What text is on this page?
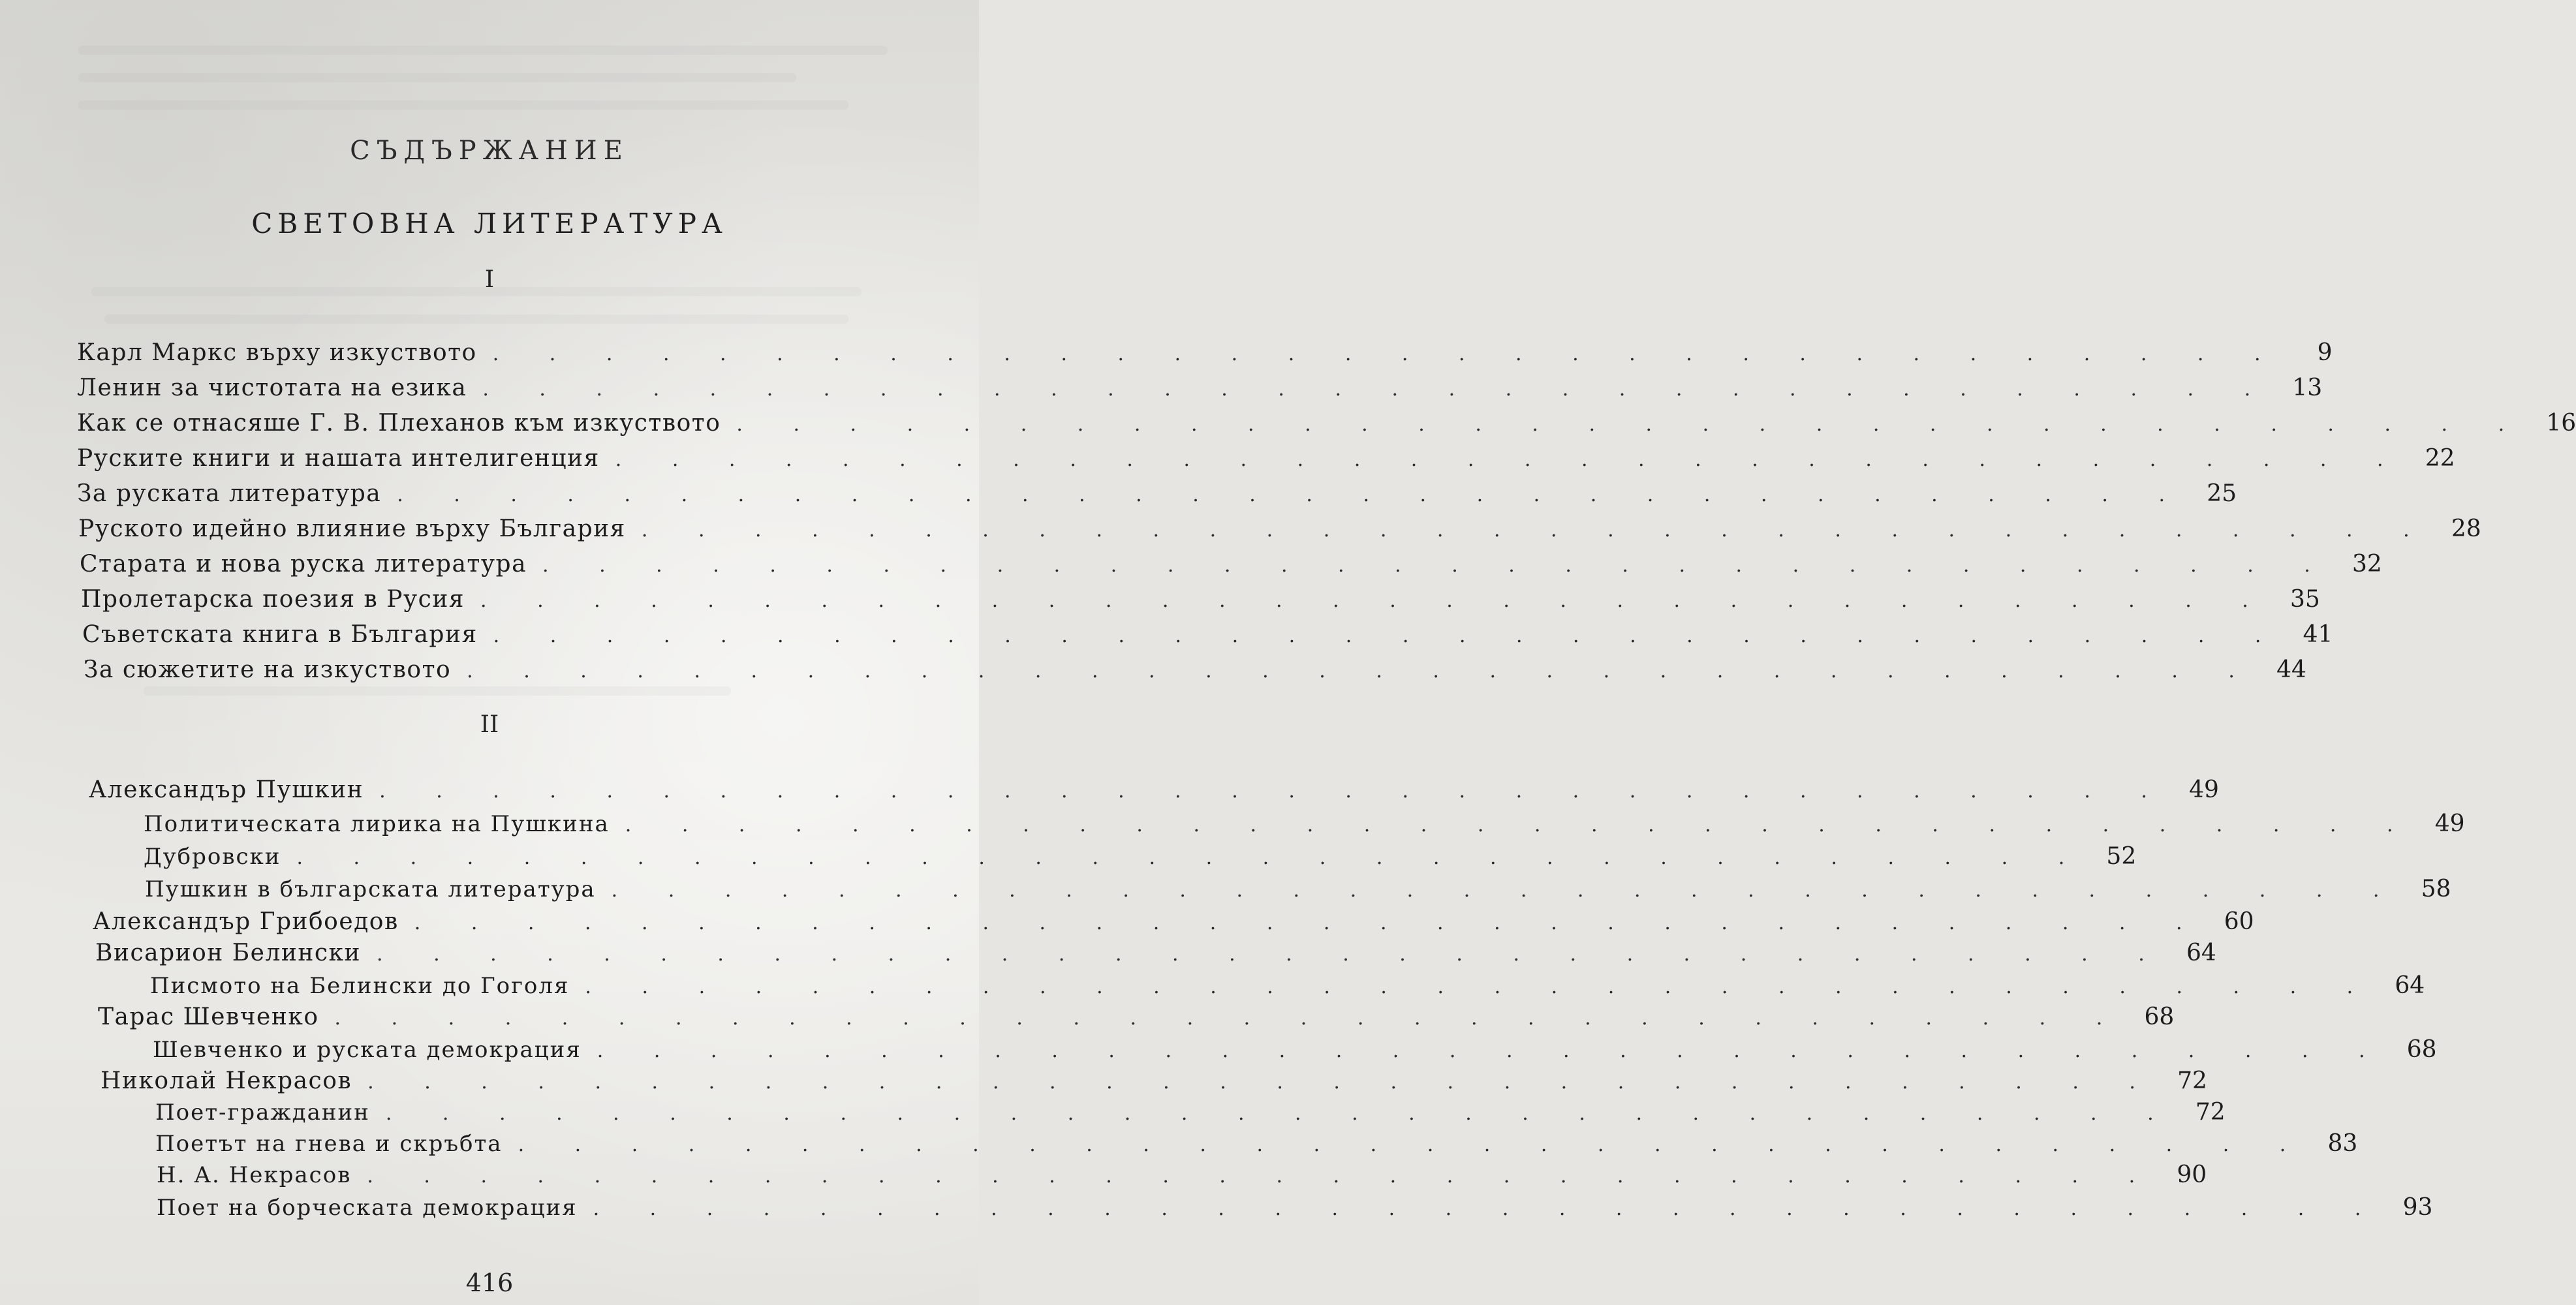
СЪДЪРЖАНИЕ
СВЕТОВНА ЛИТЕРАТУРА
I
Карл Маркс върху изкуството . . . . . . . . . . . . . . . . . . . . . . . . . . . . . . . .	9
Ленин за чистотата на езика . . . . . . . . . . . . . . . . . . . . . . . . . . . . . . . . 13
Как се отнасяше Г. В. Плеханов към изкуството . . . . . . . . . . . . . . . . . . . . . . . . . . . . . . . . 16
Руските книги и нашата интелигенция . . . . . . . . . . . . . . . . . . . . . . . . . . . . . . . . 22
За руската литература . . . . . . . . . . . . . . . . . . . . . . . . . . . . . . . . 25
Руското идейно влияние върху България . . . . . . . . . . . . . . . . . . . . . . . . . . . . . . . . 28
Старата и нова руска литература . . . . . . . . . . . . . . . . . . . . . . . . . . . . . . . . 32
Пролетарска поезия в Русия . . . . . . . . . . . . . . . . . . . . . . . . . . . . . . . . 35
Съветската книга в България . . . . . . . . . . . . . . . . . . . . . . . . . . . . . . . . 41
За сюжетите на изкуството . . . . . . . . . . . . . . . . . . . . . . . . . . . . . . . . 44
II
Александър Пушкин . . . . . . . . . . . . . . . . . . . . . . . . . . . . . . . . 49
Политическата лирика на Пушкина . . . . . . . . . . . . . . . . . . . . . . . . . . . . . . . . 49
Дубровски . . . . . . . . . . . . . . . . . . . . . . . . . . . . . . . . 52
Пушкин в българската литература . . . . . . . . . . . . . . . . . . . . . . . . . . . . . . . . 58
Александър Грибоедов . . . . . . . . . . . . . . . . . . . . . . . . . . . . . . . . 60
Висарион Белински . . . . . . . . . . . . . . . . . . . . . . . . . . . . . . . . 64
Писмото на Белински до Гоголя . . . . . . . . . . . . . . . . . . . . . . . . . . . . . . . . 64
Тарас Шевченко . . . . . . . . . . . . . . . . . . . . . . . . . . . . . . . . 68
Шевченко и руската демокрация . . . . . . . . . . . . . . . . . . . . . . . . . . . . . . . . 68
Николай Некрасов . . . . . . . . . . . . . . . . . . . . . . . . . . . . . . . . 72
Поет-гражданин . . . . . . . . . . . . . . . . . . . . . . . . . . . . . . . . 72
Поетът на гнева и скръбта . . . . . . . . . . . . . . . . . . . . . . . . . . . . . . . . 83
Н. А. Некрасов . . . . . . . . . . . . . . . . . . . . . . . . . . . . . . . . 90
Поет на борческата демокрация . . . . . . . . . . . . . . . . . . . . . . . . . . . . . . . . 93
416
